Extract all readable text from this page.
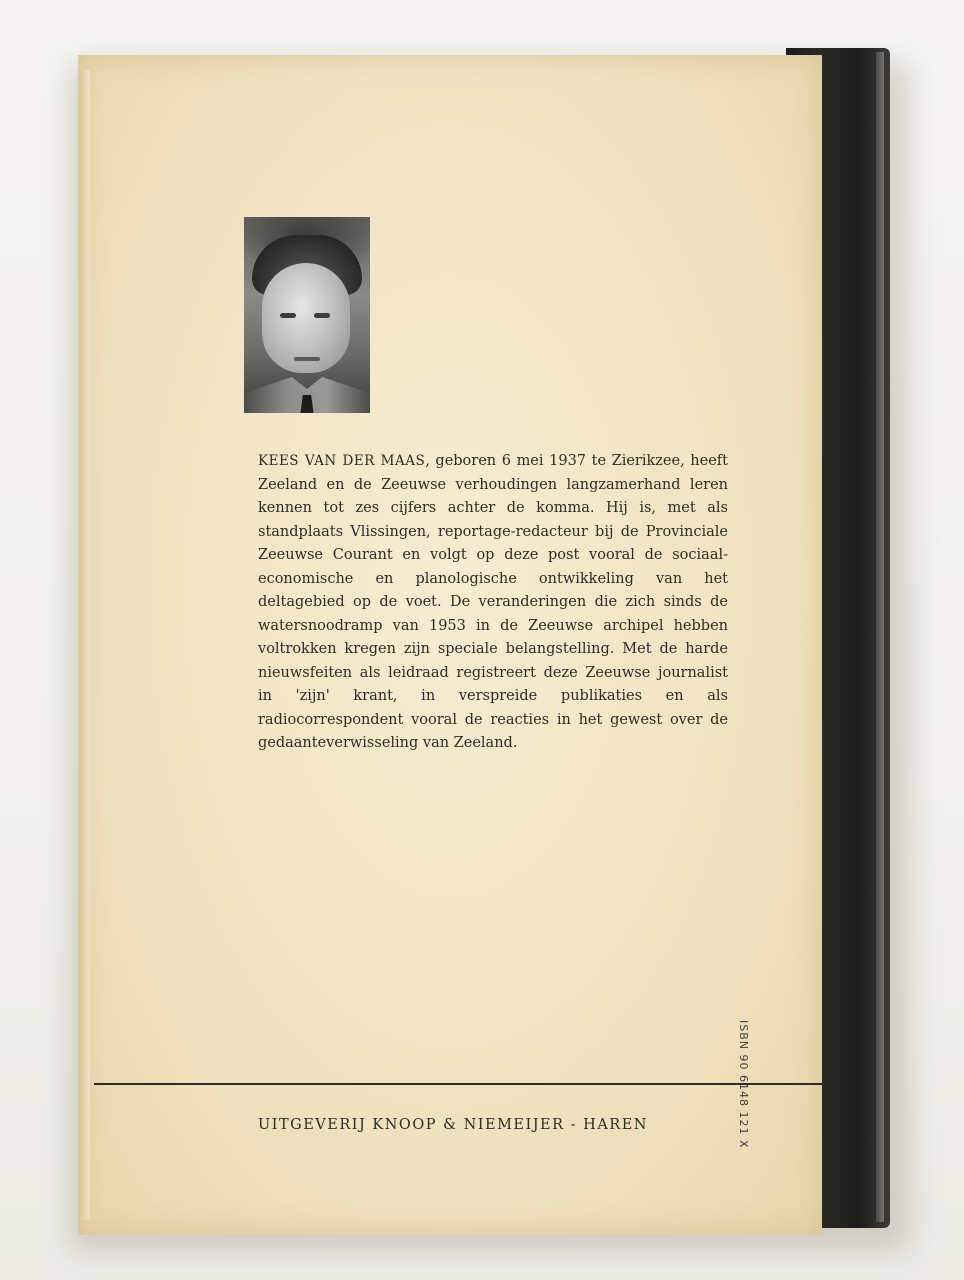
KEES VAN DER MAAS, geboren 6 mei 1937 te Zierikzee, heeft Zeeland en de Zeeuwse verhoudingen langzamerhand leren kennen tot zes cijfers achter de komma. Hij is, met als standplaats Vlissingen, reportage-redacteur bij de Provinciale Zeeuwse Courant en volgt op deze post vooral de sociaal-economische en planologische ontwikkeling van het deltagebied op de voet. De veranderingen die zich sinds de watersnoodramp van 1953 in de Zeeuwse archipel hebben voltrokken kregen zijn speciale belangstelling. Met de harde nieuwsfeiten als leidraad registreert deze Zeeuwse journalist in 'zijn' krant, in verspreide publikaties en als radiocorrespondent vooral de reacties in het gewest over de gedaanteverwisseling van Zeeland.

UITGEVERIJ KNOOP & NIEMEIJER - HAREN
